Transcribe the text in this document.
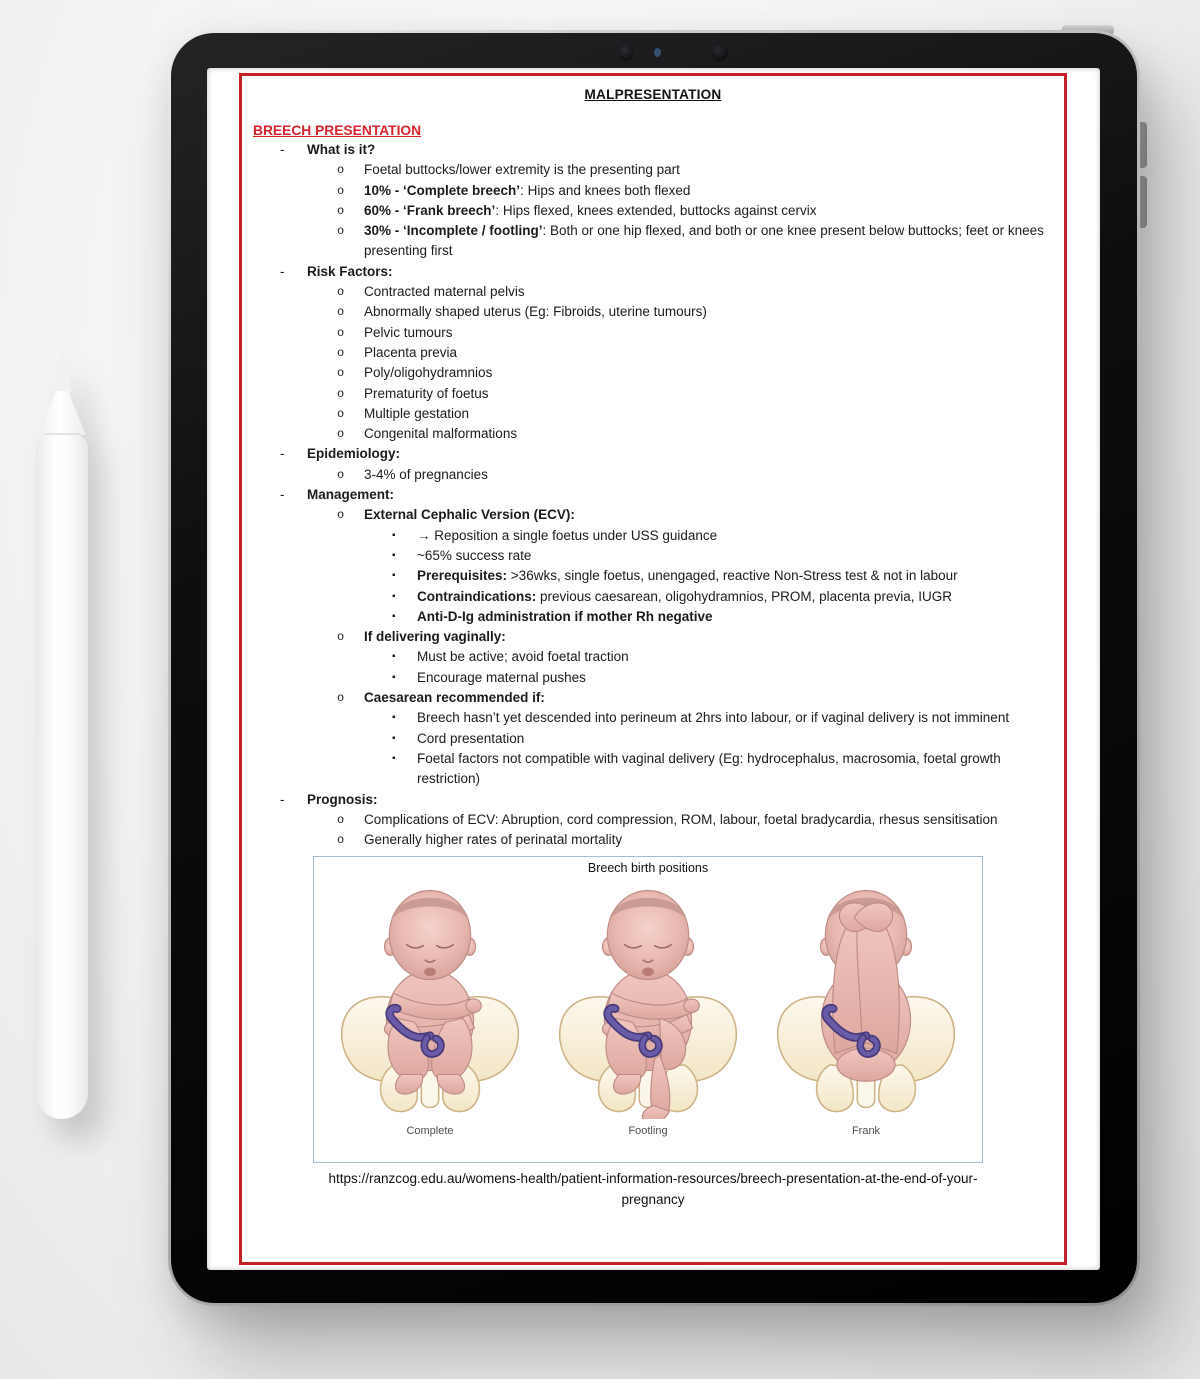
MALPRESENTATION
BREECH PRESENTATION
-	What is it?
o	Foetal buttocks/lower extremity is the presenting part
o	10% - ‘Complete breech’: Hips and knees both flexed
o	60% - ‘Frank breech’: Hips flexed, knees extended, buttocks against cervix
o	30% - ‘Incomplete / footling’: Both or one hip flexed, and both or one knee present below buttocks; feet or knees presenting first
-	Risk Factors:
o	Contracted maternal pelvis
o	Abnormally shaped uterus (Eg: Fibroids, uterine tumours)
o	Pelvic tumours
o	Placenta previa
o	Poly/oligohydramnios
o	Prematurity of foetus
o	Multiple gestation
o	Congenital malformations
-	Epidemiology:
o	3-4% of pregnancies
-	Management:
o	External Cephalic Version (ECV):
▪	→ Reposition a single foetus under USS guidance
▪	~65% success rate
▪	Prerequisites: >36wks, single foetus, unengaged, reactive Non-Stress test & not in labour
▪	Contraindications: previous caesarean, oligohydramnios, PROM, placenta previa, IUGR
▪	Anti-D-Ig administration if mother Rh negative
o	If delivering vaginally:
▪	Must be active; avoid foetal traction
▪	Encourage maternal pushes
o	Caesarean recommended if:
▪	Breech hasn’t yet descended into perineum at 2hrs into labour, or if vaginal delivery is not imminent
▪	Cord presentation
▪	Foetal factors not compatible with vaginal delivery (Eg: hydrocephalus, macrosomia, foetal growth restriction)
-	Prognosis:
o	Complications of ECV: Abruption, cord compression, ROM, labour, foetal bradycardia, rhesus sensitisation
o	Generally higher rates of perinatal mortality
Breech birth positions
Complete	Footling	Frank
https://ranzcog.edu.au/womens-health/patient-information-resources/breech-presentation-at-the-end-of-your-
pregnancy
